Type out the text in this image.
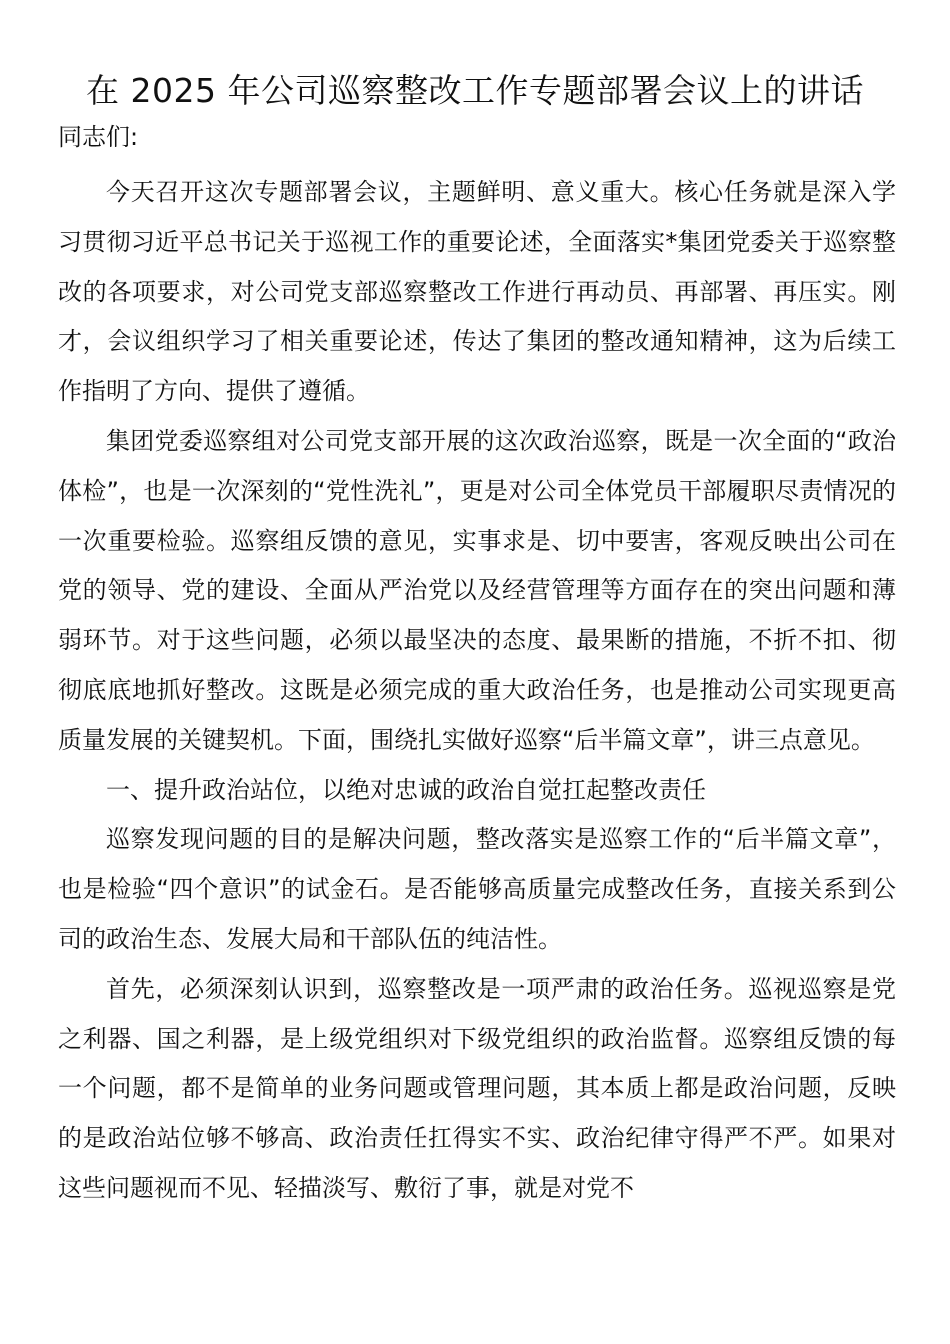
在 2025 年公司巡察整改工作专题部署会议上的讲话
同志们:

今天召开这次专题部署会议，主题鲜明、意义重大。核心任务就是深入学习贯彻习近平总书记关于巡视工作的重要论述，全面落实*集团党委关于巡察整改的各项要求，对公司党支部巡察整改工作进行再动员、再部署、再压实。刚才，会议组织学习了相关重要论述，传达了集团的整改通知精神，这为后续工作指明了方向、提供了遵循。

集团党委巡察组对公司党支部开展的这次政治巡察，既是一次全面的“政治体检”，也是一次深刻的“党性洗礼”，更是对公司全体党员干部履职尽责情况的一次重要检验。巡察组反馈的意见，实事求是、切中要害，客观反映出公司在党的领导、党的建设、全面从严治党以及经营管理等方面存在的突出问题和薄弱环节。对于这些问题，必须以最坚决的态度、最果断的措施，不折不扣、彻彻底底地抓好整改。这既是必须完成的重大政治任务，也是推动公司实现更高质量发展的关键契机。下面，围绕扎实做好巡察“后半篇文章”，讲三点意见。

一、提升政治站位，以绝对忠诚的政治自觉扛起整改责任

巡察发现问题的目的是解决问题，整改落实是巡察工作的“后半篇文章”，也是检验“四个意识”的试金石。是否能够高质量完成整改任务，直接关系到公司的政治生态、发展大局和干部队伍的纯洁性。

首先，必须深刻认识到，巡察整改是一项严肃的政治任务。巡视巡察是党之利器、国之利器，是上级党组织对下级党组织的政治监督。巡察组反馈的每一个问题，都不是简单的业务问题或管理问题，其本质上都是政治问题，反映的是政治站位够不够高、政治责任扛得实不实、政治纪律守得严不严。如果对这些问题视而不见、轻描淡写、敷衍了事，就是对党不
